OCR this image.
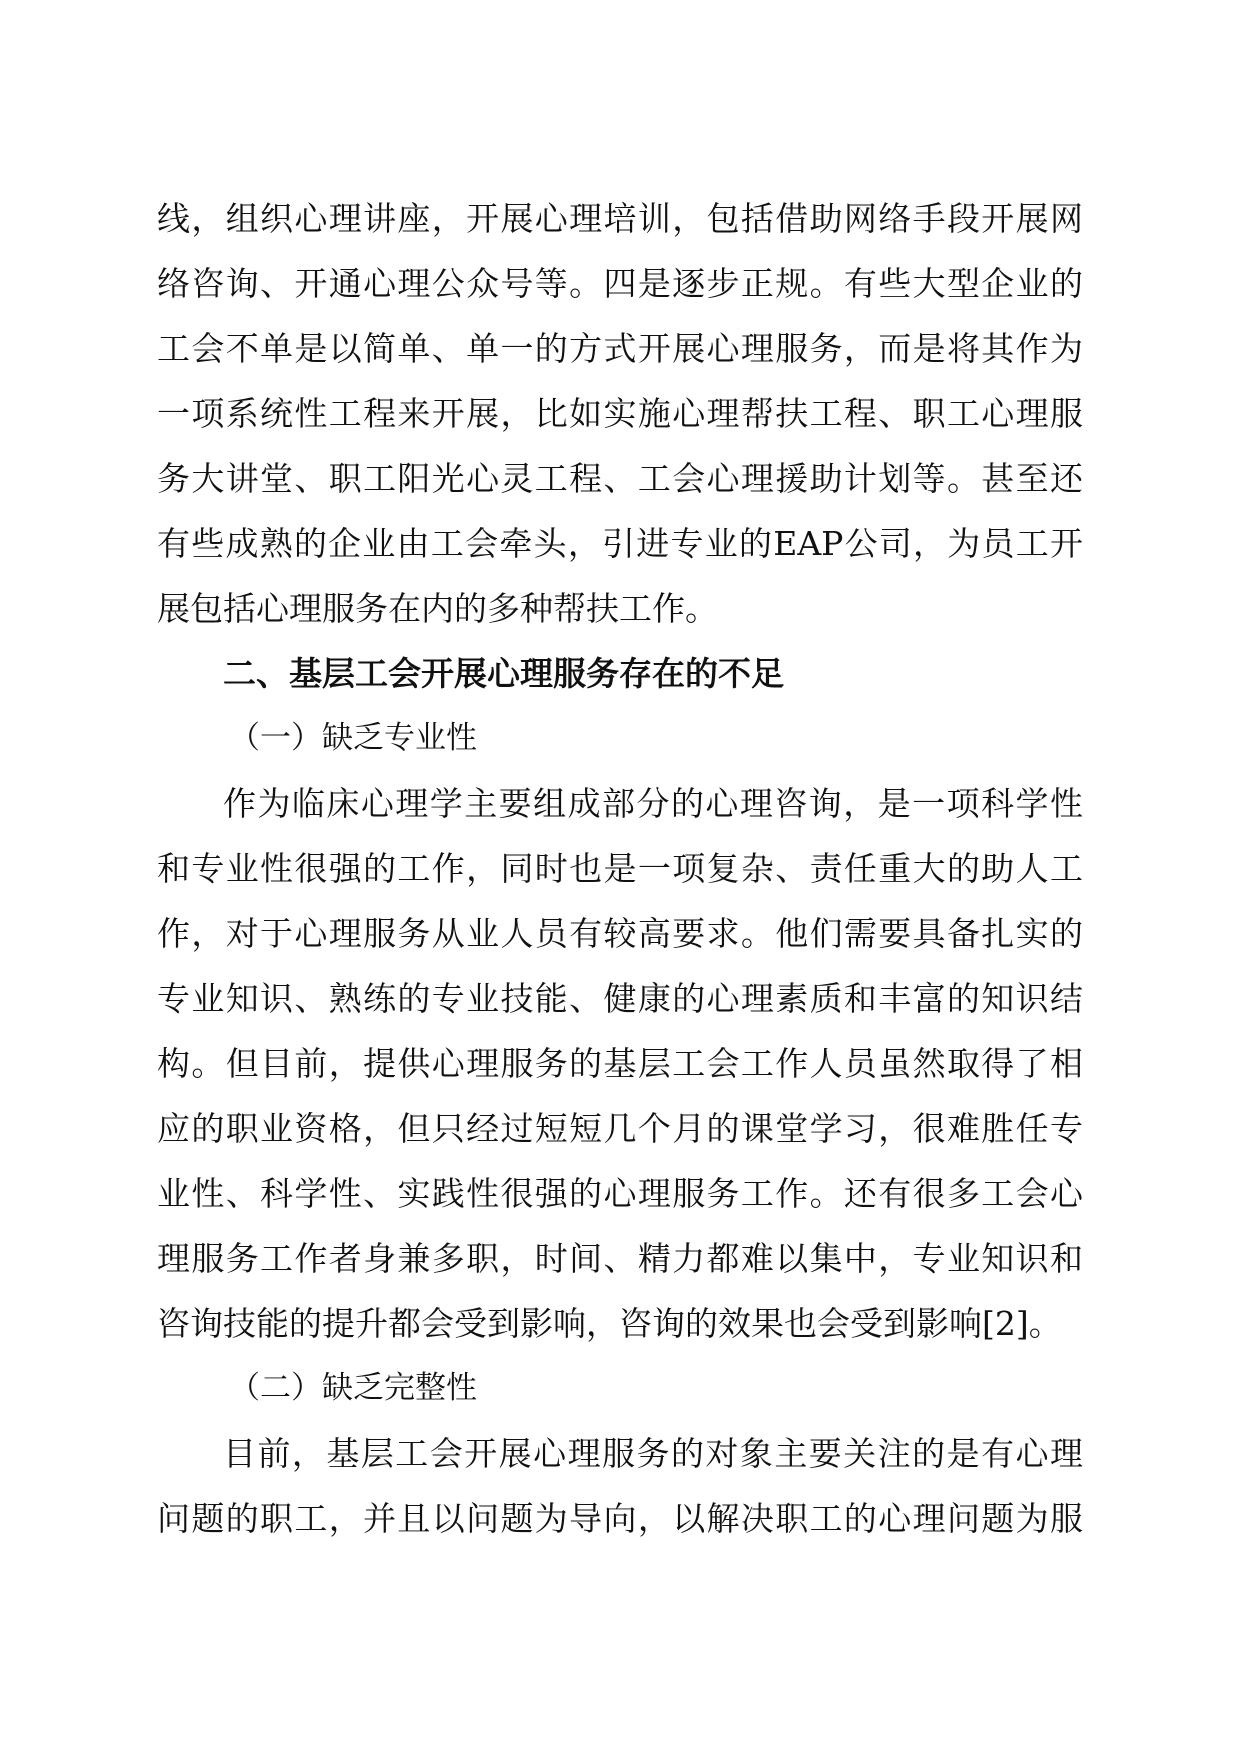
线，组织心理讲座，开展心理培训，包括借助网络手段开展网
络咨询、开通心理公众号等。四是逐步正规。有些大型企业的
工会不单是以简单、单一的方式开展心理服务，而是将其作为
一项系统性工程来开展，比如实施心理帮扶工程、职工心理服
务大讲堂、职工阳光心灵工程、工会心理援助计划等。甚至还
有些成熟的企业由工会牵头，引进专业的EAP公司，为员工开
展包括心理服务在内的多种帮扶工作。
二、基层工会开展心理服务存在的不足
（一）缺乏专业性
作为临床心理学主要组成部分的心理咨询，是一项科学性
和专业性很强的工作，同时也是一项复杂、责任重大的助人工
作，对于心理服务从业人员有较高要求。他们需要具备扎实的
专业知识、熟练的专业技能、健康的心理素质和丰富的知识结
构。但目前，提供心理服务的基层工会工作人员虽然取得了相
应的职业资格，但只经过短短几个月的课堂学习，很难胜任专
业性、科学性、实践性很强的心理服务工作。还有很多工会心
理服务工作者身兼多职，时间、精力都难以集中，专业知识和
咨询技能的提升都会受到影响，咨询的效果也会受到影响[2]。
（二）缺乏完整性
目前，基层工会开展心理服务的对象主要关注的是有心理
问题的职工，并且以问题为导向，以解决职工的心理问题为服
